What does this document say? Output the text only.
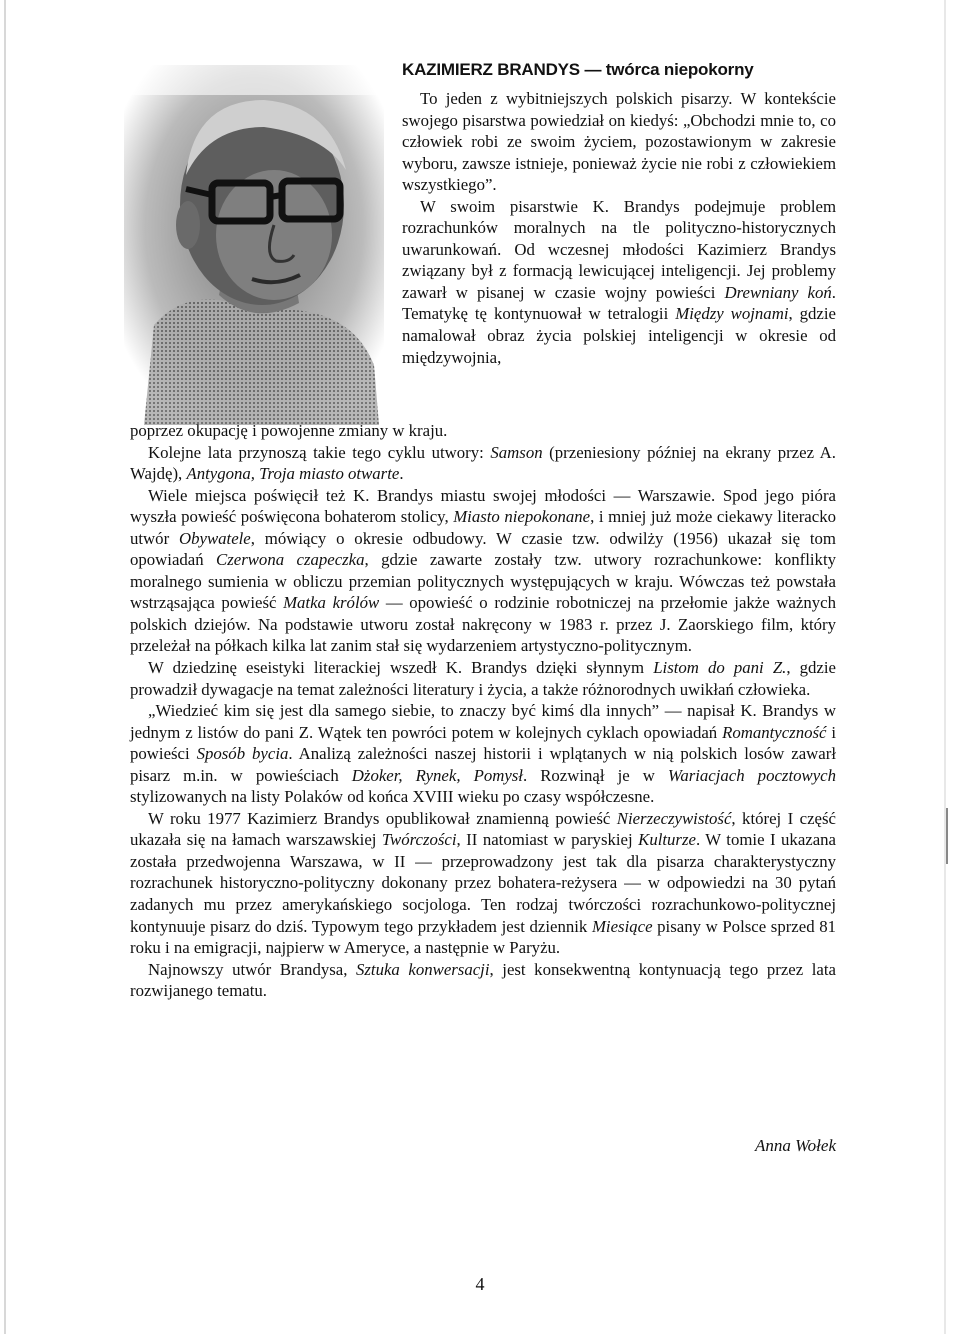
KAZIMIERZ BRANDYS — twórca niepokorny

To jeden z wybitniejszych polskich pisarzy. W kontekście swojego pisarstwa powiedział on kiedyś: „Obchodzi mnie to, co człowiek robi ze swoim życiem, pozostawionym w zakresie wyboru, zawsze istnieje, ponieważ życie nie robi z człowiekiem wszystkiego”.

W swoim pisarstwie K. Brandys podejmuje problem rozrachunków moralnych na tle polityczno-historycznych uwarunkowań. Od wczesnej młodości Kazimierz Brandys związany był z formacją lewicującej inteligencji. Jej problemy zawarł w pisanej w czasie wojny powieści Drewniany koń. Tematykę tę kontynuował w tetralogii Między wojnami, gdzie namalował obraz życia polskiej inteligencji w okresie od międzywojnia,

poprzez okupację i powojenne zmiany w kraju.

Kolejne lata przynoszą takie tego cyklu utwory: Samson (przeniesiony później na ekrany przez A. Wajdę), Antygona, Troja miasto otwarte.

Wiele miejsca poświęcił też K. Brandys miastu swojej młodości — Warszawie. Spod jego pióra wyszła powieść poświęcona bohaterom stolicy, Miasto niepokonane, i mniej już może ciekawy literacko utwór Obywatele, mówiący o okresie odbudowy. W czasie tzw. odwilży (1956) ukazał się tom opowiadań Czerwona czapeczka, gdzie zawarte zostały tzw. utwory rozrachunkowe: konflikty moralnego sumienia w obliczu przemian politycznych występujących w kraju. Wówczas też powstała wstrząsająca powieść Matka królów — opowieść o rodzinie robotniczej na przełomie jakże ważnych polskich dziejów. Na podstawie utworu został nakręcony w 1983 r. przez J. Zaorskiego film, który przeleżał na półkach kilka lat zanim stał się wydarzeniem artystyczno-politycznym.

W dziedzinę eseistyki literackiej wszedł K. Brandys dzięki słynnym Listom do pani Z., gdzie prowadził dywagacje na temat zależności literatury i życia, a także różnorodnych uwikłań człowieka.

„Wiedzieć kim się jest dla samego siebie, to znaczy być kimś dla innych” — napisał K. Brandys w jednym z listów do pani Z. Wątek ten powróci potem w kolejnych cyklach opowiadań Romantyczność i powieści Sposób bycia. Analizą zależności naszej historii i wplątanych w nią polskich losów zawarł pisarz m.in. w powieściach Dżoker, Rynek, Pomysł. Rozwinął je w Wariacjach pocztowych stylizowanych na listy Polaków od końca XVIII wieku po czasy współczesne.

W roku 1977 Kazimierz Brandys opublikował znamienną powieść Nierzeczywistość, której I część ukazała się na łamach warszawskiej Twórczości, II natomiast w paryskiej Kulturze. W tomie I ukazana została przedwojenna Warszawa, w II — przeprowadzony jest tak dla pisarza charakterystyczny rozrachunek historyczno-polityczny dokonany przez bohatera-reżysera — w odpowiedzi na 30 pytań zadanych mu przez amerykańskiego socjologa. Ten rodzaj twórczości rozrachunkowo-politycznej kontynuuje pisarz do dziś. Typowym tego przykładem jest dziennik Miesiące pisany w Polsce sprzed 81 roku i na emigracji, najpierw w Ameryce, a następnie w Paryżu.

Najnowszy utwór Brandysa, Sztuka konwersacji, jest konsekwentną kontynuacją tego przez lata rozwijanego tematu.

Anna Wołek
4
